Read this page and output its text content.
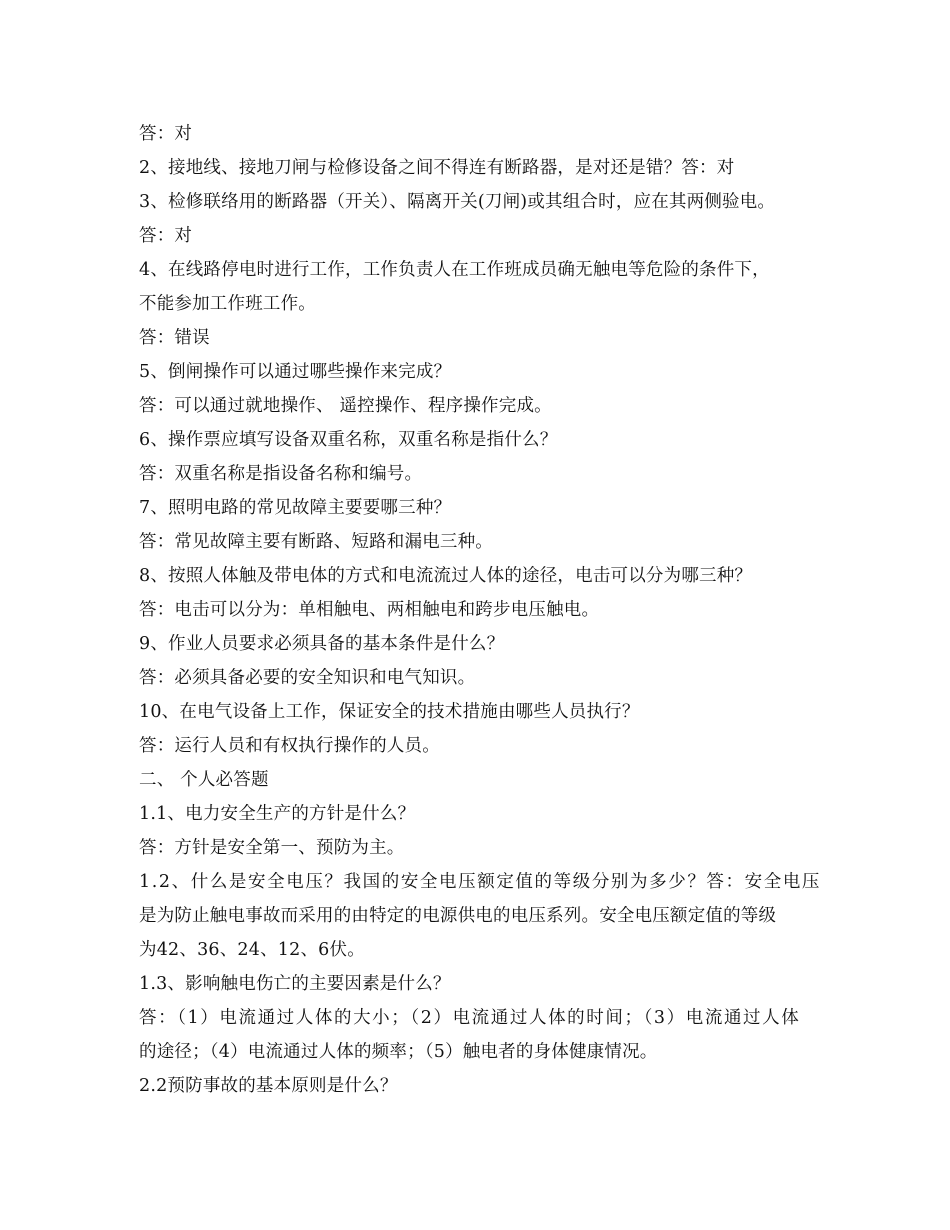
答：对
2、接地线、接地刀闸与检修设备之间不得连有断路器，是对还是错？答：对
3、检修联络用的断路器（开关）、隔离开关(刀闸)或其组合时，应在其两侧验电。
答：对
4、在线路停电时进行工作，工作负责人在工作班成员确无触电等危险的条件下，
不能参加工作班工作。
答：错误
5、倒闸操作可以通过哪些操作来完成？
答：可以通过就地操作、 遥控操作、程序操作完成。
6、操作票应填写设备双重名称，双重名称是指什么？
答：双重名称是指设备名称和编号。
7、照明电路的常见故障主要要哪三种？
答：常见故障主要有断路、短路和漏电三种。
8、按照人体触及带电体的方式和电流流过人体的途径，电击可以分为哪三种？
答：电击可以分为：单相触电、两相触电和跨步电压触电。
9、作业人员要求必须具备的基本条件是什么？
答：必须具备必要的安全知识和电气知识。
10、在电气设备上工作，保证安全的技术措施由哪些人员执行？
答：运行人员和有权执行操作的人员。
二、 个人必答题
1.1、电力安全生产的方针是什么？
答：方针是安全第一、预防为主。
1.2、什么是安全电压？我国的安全电压额定值的等级分别为多少？答：安全电压
是为防止触电事故而采用的由特定的电源供电的电压系列。安全电压额定值的等级
为42、36、24、12、6伏。
1.3、影响触电伤亡的主要因素是什么？
答：（1）电流通过人体的大小；（2）电流通过人体的时间；（3）电流通过人体
的途径；（4）电流通过人体的频率；（5）触电者的身体健康情况。
2.2预防事故的基本原则是什么？
